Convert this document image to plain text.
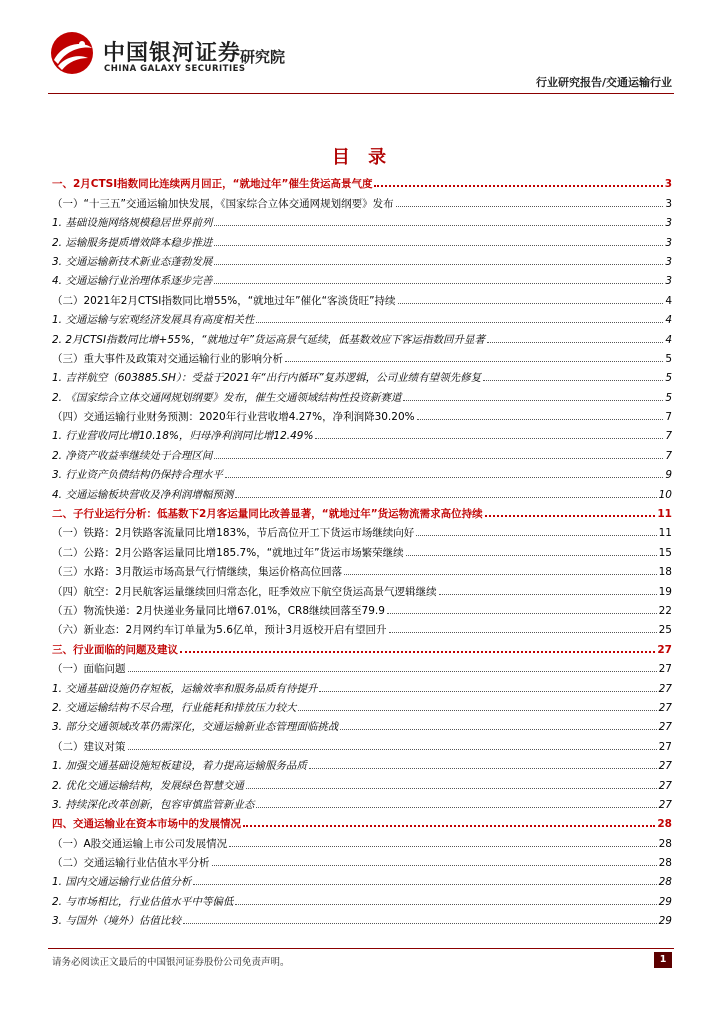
中国银河证券
CHINA GALAXY SECURITIES
研究院
行业研究报告/交通运输行业
目 录
一、2月CTSI指数同比连续两月回正，“就地过年”催生货运高景气度	3
（一）“十三五”交通运输加快发展，《国家综合立体交通网规划纲要》发布	3
1. 基础设施网络规模稳居世界前列	3
2. 运输服务提质增效降本稳步推进	3
3. 交通运输新技术新业态蓬勃发展	3
4. 交通运输行业治理体系逐步完善	3
（二）2021年2月CTSI指数同比增55%，“就地过年”催化“客淡货旺”持续	4
1. 交通运输与宏观经济发展具有高度相关性	4
2. 2月CTSI指数同比增+55%，“就地过年”货运高景气延续，低基数效应下客运指数回升显著	4
（三）重大事件及政策对交通运输行业的影响分析	5
1. 吉祥航空（603885.SH）：受益于2021年“出行内循环”复苏逻辑，公司业绩有望领先修复	5
2. 《国家综合立体交通网规划纲要》发布，催生交通领域结构性投资新赛道	5
（四）交通运输行业财务预测：2020年行业营收增4.27%，净利润降30.20%	7
1. 行业营收同比增10.18%，归母净利润同比增12.49%	7
2. 净资产收益率继续处于合理区间	7
3. 行业资产负债结构仍保持合理水平	9
4. 交通运输板块营收及净利润增幅预测	10
二、子行业运行分析：低基数下2月客运量同比改善显著，“就地过年”货运物流需求高位持续	11
（一）铁路：2月铁路客流量同比增183%，节后高位开工下货运市场继续向好	11
（二）公路：2月公路客运量同比增185.7%，“就地过年”货运市场繁荣继续	15
（三）水路：3月散运市场高景气行情继续，集运价格高位回落	18
（四）航空：2月民航客运量继续回归常态化，旺季效应下航空货运高景气逻辑继续	19
（五）物流快递：2月快递业务量同比增67.01%，CR8继续回落至79.9	22
（六）新业态：2月网约车订单量为5.6亿单，预计3月返校开启有望回升	25
三、行业面临的问题及建议	27
（一）面临问题	27
1. 交通基础设施仍存短板，运输效率和服务品质有待提升	27
2. 交通运输结构不尽合理，行业能耗和排放压力较大	27
3. 部分交通领域改革仍需深化，交通运输新业态管理面临挑战	27
（二）建议对策	27
1. 加强交通基础设施短板建设，着力提高运输服务品质	27
2. 优化交通运输结构，发展绿色智慧交通	27
3. 持续深化改革创新，包容审慎监管新业态	27
四、交通运输业在资本市场中的发展情况	28
（一）A股交通运输上市公司发展情况	28
（二）交通运输行业估值水平分析	28
1. 国内交通运输行业估值分析	28
2. 与市场相比，行业估值水平中等偏低	29
3. 与国外（境外）估值比较	29
请务必阅读正文最后的中国银河证券股份公司免责声明。	1
